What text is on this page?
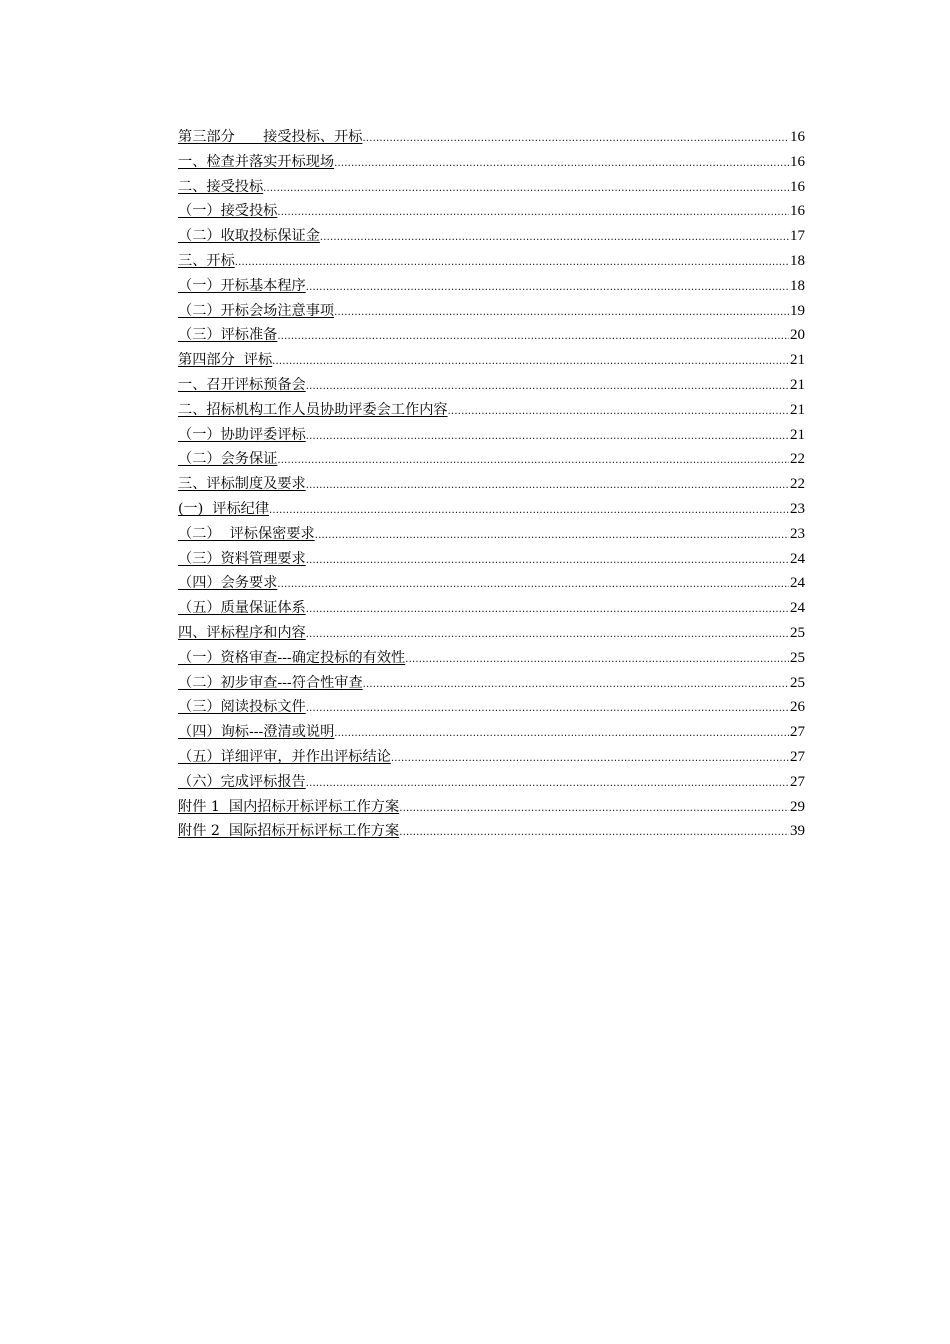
第三部分　　接受投标、开标 .....	16
一、检查并落实开标现场 .....	16
二、接受投标 .....	16
（一）接受投标 .....	16
（二）收取投标保证金 .....	17
三、开标 .....	18
（一）开标基本程序 .....	18
（二）开标会场注意事项 .....	19
（三）评标准备 .....	20
第四部分  评标 .....	21
一、召开评标预备会 .....	21
二、招标机构工作人员协助评委会工作内容 .....	21
（一）协助评委评标 .....	21
（二）会务保证 .....	22
三、评标制度及要求 .....	22
(一)  评标纪律 .....	23
（二）  评标保密要求 .....	23
（三）资料管理要求 .....	24
（四）会务要求 .....	24
（五）质量保证体系 .....	24
四、评标程序和内容 .....	25
（一）资格审查---确定投标的有效性 .....	25
（二）初步审查---符合性审查 .....	25
（三）阅读投标文件 .....	26
（四）询标---澄清或说明 .....	27
（五）详细评审，并作出评标结论 .....	27
（六）完成评标报告 .....	27
附件 1  国内招标开标评标工作方案 .....	29
附件 2  国际招标开标评标工作方案 .....	39
